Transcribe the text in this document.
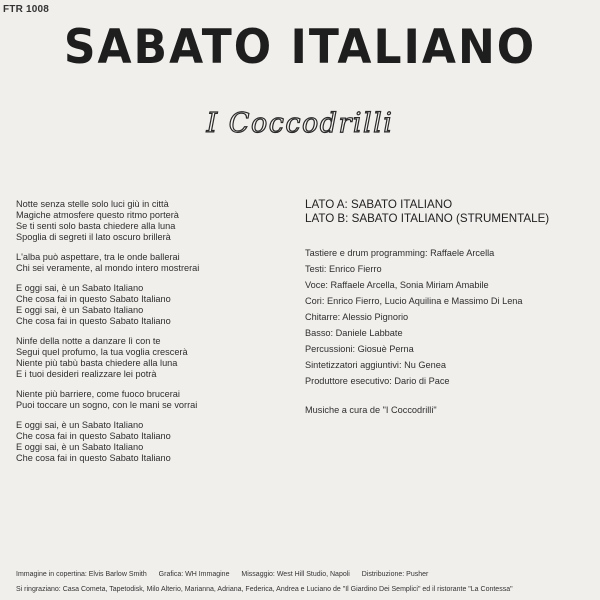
FTR 1008
SABATO ITALIANO
I Coccodrilli
Notte senza stelle solo luci giù in città
Magiche atmosfere questo ritmo porterà
Se ti senti solo basta chiedere alla luna
Spoglia di segreti il lato oscuro brillerà
L'alba può aspettare, tra le onde ballerai
Chi sei veramente, al mondo intero mostrerai
E oggi sai, è un Sabato Italiano
Che cosa fai in questo Sabato Italiano
E oggi sai, è un Sabato Italiano
Che cosa fai in questo Sabato Italiano
Ninfe della notte a danzare lì con te
Segui quel profumo, la tua voglia crescerà
Niente più tabù basta chiedere alla luna
E i tuoi desideri realizzare lei potrà
Niente più barriere, come fuoco brucerai
Puoi toccare un sogno, con le mani se vorrai
E oggi sai, è un Sabato Italiano
Che cosa fai in questo Sabato Italiano
E oggi sai, è un Sabato Italiano
Che cosa fai in questo Sabato Italiano
LATO A: SABATO ITALIANO
LATO B: SABATO ITALIANO (STRUMENTALE)
Tastiere e drum programming: Raffaele Arcella
Testi: Enrico Fierro
Voce: Raffaele Arcella, Sonia Miriam Amabile
Cori: Enrico Fierro, Lucio Aquilina e Massimo Di Lena
Chitarre: Alessio Pignorio
Basso: Daniele Labbate
Percussioni: Giosuè Perna
Sintetizzatori aggiuntivi: Nu Genea
Produttore esecutivo: Dario di Pace
Musiche a cura de "I Coccodrilli"
Immagine in copertina: Elvis Barlow Smith Grafica: WH Immagine Missaggio: West Hill Studio, Napoli Distribuzione: Pusher
Si ringraziano: Casa Cometa, Tapetodisk, Milo Alterio, Marianna, Adriana, Federica, Andrea e Luciano de "Il Giardino Dei Semplici" ed il ristorante "La Contessa"
